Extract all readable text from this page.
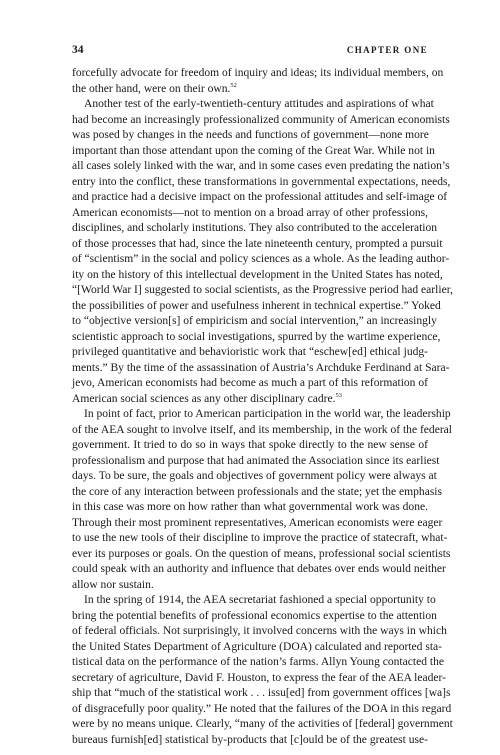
34	CHAPTER ONE
forcefully advocate for freedom of inquiry and ideas; its individual members, on
the other hand, were on their own.$^{52}$
Another test of the early-twentieth-century attitudes and aspirations of what
had become an increasingly professionalized community of American economists
was posed by changes in the needs and functions of government—none more
important than those attendant upon the coming of the Great War. While not in
all cases solely linked with the war, and in some cases even predating the nation’s
entry into the conflict, these transformations in governmental expectations, needs,
and practice had a decisive impact on the professional attitudes and self-image of
American economists—not to mention on a broad array of other professions,
disciplines, and scholarly institutions. They also contributed to the acceleration
of those processes that had, since the late nineteenth century, prompted a pursuit
of “scientism” in the social and policy sciences as a whole. As the leading author-
ity on the history of this intellectual development in the United States has noted,
“[World War I] suggested to social scientists, as the Progressive period had earlier,
the possibilities of power and usefulness inherent in technical expertise.” Yoked
to “objective version[s] of empiricism and social intervention,” an increasingly
scientistic approach to social investigations, spurred by the wartime experience,
privileged quantitative and behavioristic work that “eschew[ed] ethical judg-
ments.” By the time of the assassination of Austria’s Archduke Ferdinand at Sara-
jevo, American economists had become as much a part of this reformation of
American social sciences as any other disciplinary cadre.$^{53}$
In point of fact, prior to American participation in the world war, the leadership
of the AEA sought to involve itself, and its membership, in the work of the federal
government. It tried to do so in ways that spoke directly to the new sense of
professionalism and purpose that had animated the Association since its earliest
days. To be sure, the goals and objectives of government policy were always at
the core of any interaction between professionals and the state; yet the emphasis
in this case was more on how rather than what governmental work was done.
Through their most prominent representatives, American economists were eager
to use the new tools of their discipline to improve the practice of statecraft, what-
ever its purposes or goals. On the question of means, professional social scientists
could speak with an authority and influence that debates over ends would neither
allow nor sustain.
In the spring of 1914, the AEA secretariat fashioned a special opportunity to
bring the potential benefits of professional economics expertise to the attention
of federal officials. Not surprisingly, it involved concerns with the ways in which
the United States Department of Agriculture (DOA) calculated and reported sta-
tistical data on the performance of the nation’s farms. Allyn Young contacted the
secretary of agriculture, David F. Houston, to express the fear of the AEA leader-
ship that “much of the statistical work . . . issu[ed] from government offices [wa]s
of disgracefully poor quality.” He noted that the failures of the DOA in this regard
were by no means unique. Clearly, “many of the activities of [federal] government
bureaus furnish[ed] statistical by-products that [c]ould be of the greatest use-
